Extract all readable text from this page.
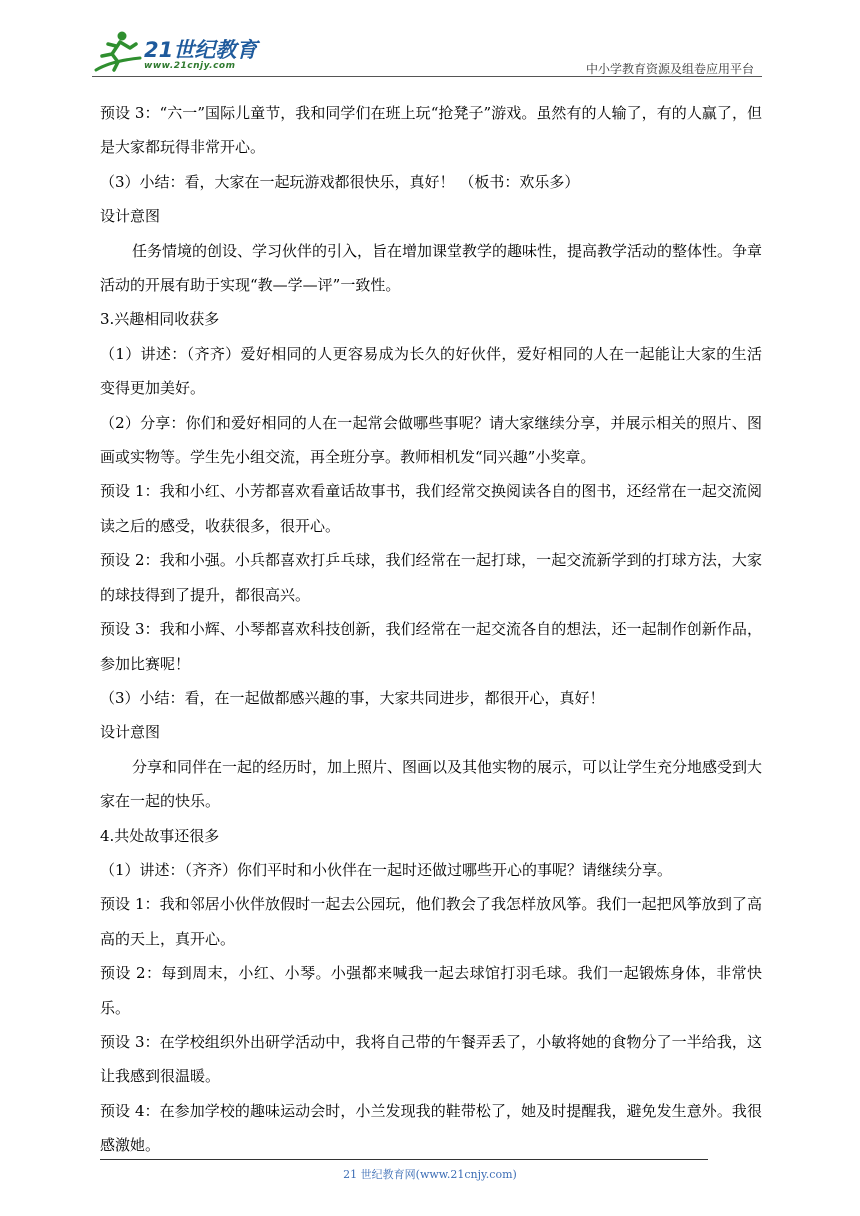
21世纪教育
www.21cnjy.com	中小学教育资源及组卷应用平台

预设 3：“六一”国际儿童节，我和同学们在班上玩“抢凳子”游戏。虽然有的人输了，有的人赢了，但是大家都玩得非常开心。

（3）小结：看，大家在一起玩游戏都很快乐，真好！ （板书：欢乐多）

设计意图

任务情境的创设、学习伙伴的引入，旨在增加课堂教学的趣味性，提高教学活动的整体性。争章活动的开展有助于实现“教—学—评”一致性。

3.兴趣相同收获多

（1）讲述：（齐齐）爱好相同的人更容易成为长久的好伙伴，爱好相同的人在一起能让大家的生活变得更加美好。

（2）分享：你们和爱好相同的人在一起常会做哪些事呢？请大家继续分享，并展示相关的照片、图画或实物等。学生先小组交流，再全班分享。教师相机发“同兴趣”小奖章。

预设 1：我和小红、小芳都喜欢看童话故事书，我们经常交换阅读各自的图书，还经常在一起交流阅读之后的感受，收获很多，很开心。

预设 2：我和小强。小兵都喜欢打乒乓球，我们经常在一起打球，一起交流新学到的打球方法，大家的球技得到了提升，都很高兴。

预设 3：我和小辉、小琴都喜欢科技创新，我们经常在一起交流各自的想法，还一起制作创新作品，参加比赛呢！

（3）小结：看，在一起做都感兴趣的事，大家共同进步，都很开心，真好！

设计意图

分享和同伴在一起的经历时，加上照片、图画以及其他实物的展示，可以让学生充分地感受到大家在一起的快乐。

4.共处故事还很多

（1）讲述：（齐齐）你们平时和小伙伴在一起时还做过哪些开心的事呢？请继续分享。

预设 1：我和邻居小伙伴放假时一起去公园玩，他们教会了我怎样放风筝。我们一起把风筝放到了高高的天上，真开心。

预设 2：每到周末，小红、小琴。小强都来喊我一起去球馆打羽毛球。我们一起锻炼身体，非常快乐。

预设 3：在学校组织外出研学活动中，我将自己带的午餐弄丢了，小敏将她的食物分了一半给我，这让我感到很温暖。

预设 4：在参加学校的趣味运动会时，小兰发现我的鞋带松了，她及时提醒我，避免发生意外。我很感激她。

21 世纪教育网(www.21cnjy.com)
